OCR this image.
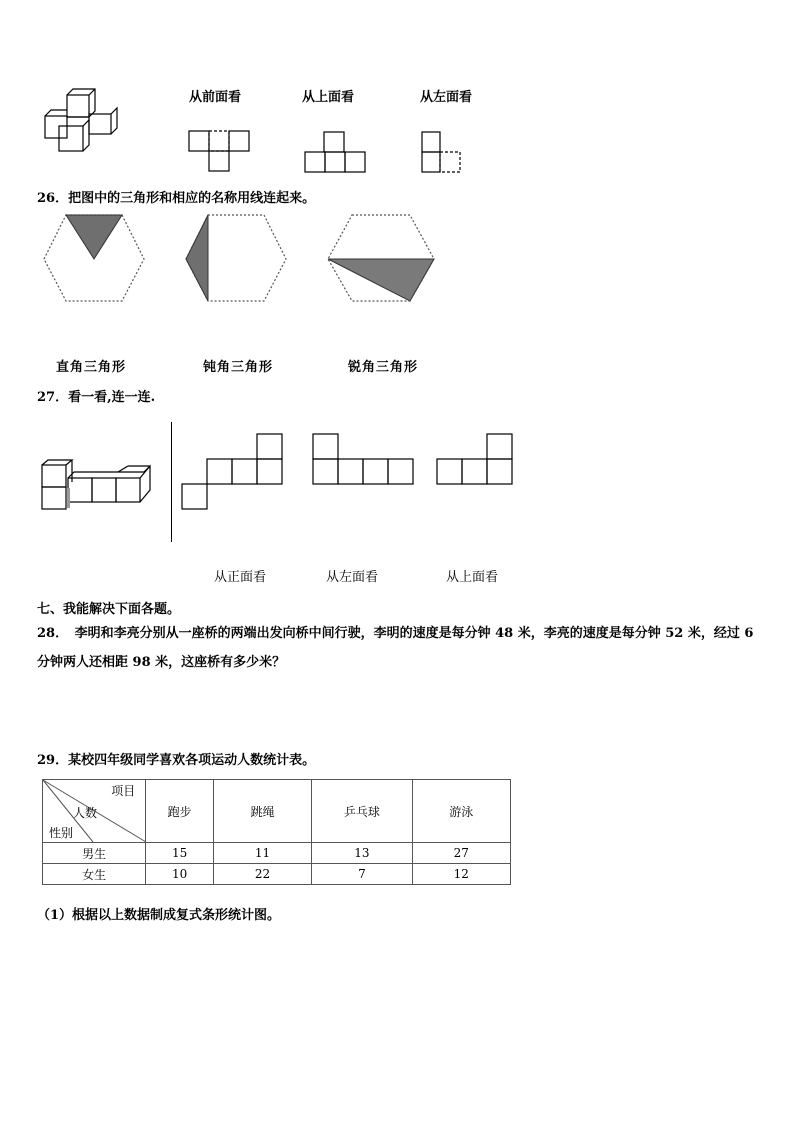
从前面看	从上面看	从左面看
26．把图中的三角形和相应的名称用线连起来。
直角三角形	钝角三角形	锐角三角形
27．看一看,连一连.
从正面看	从左面看	从上面看
七、我能解决下面各题。
28．　李明和李亮分别从一座桥的两端出发向桥中间行驶，李明的速度是每分钟 48 米，李亮的速度是每分钟 52 米，经过 6 分钟两人还相距 98 米，这座桥有多少米？
29．某校四年级同学喜欢各项运动人数统计表。
项目
人数
性别	跑步	跳绳	乒乓球	游泳
男生	15	11	13	27
女生	10	22	7	12
（1）根据以上数据制成复式条形统计图。
